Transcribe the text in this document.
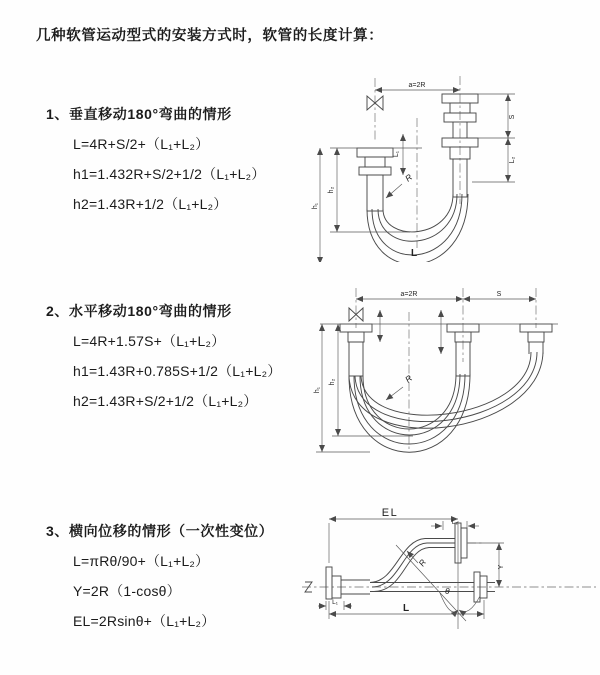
几种软管运动型式的安装方式时，软管的长度计算：
1、垂直移动180°弯曲的情形
L=4R+S/2+（L₁+L₂）
h1=1.432R+S/2+1/2（L₁+L₂）
h2=1.43R+1/2（L₁+L₂）
2、水平移动180°弯曲的情形
L=4R+1.57S+（L₁+L₂）
h1=1.43R+0.785S+1/2（L₁+L₂）
h2=1.43R+S/2+1/2（L₁+L₂）
3、横向位移的情形（一次性变位）
L=πRθ/90+（L₁+L₂）
Y=2R（1-cosθ）
EL=2Rsinθ+（L₁+L₂）
a=2R
L₁
S
L₂
h₁
h₂
R
L
a=2R	S
h₁
h₂	R
EL
L₂
Y
R
θ
L
L₁
